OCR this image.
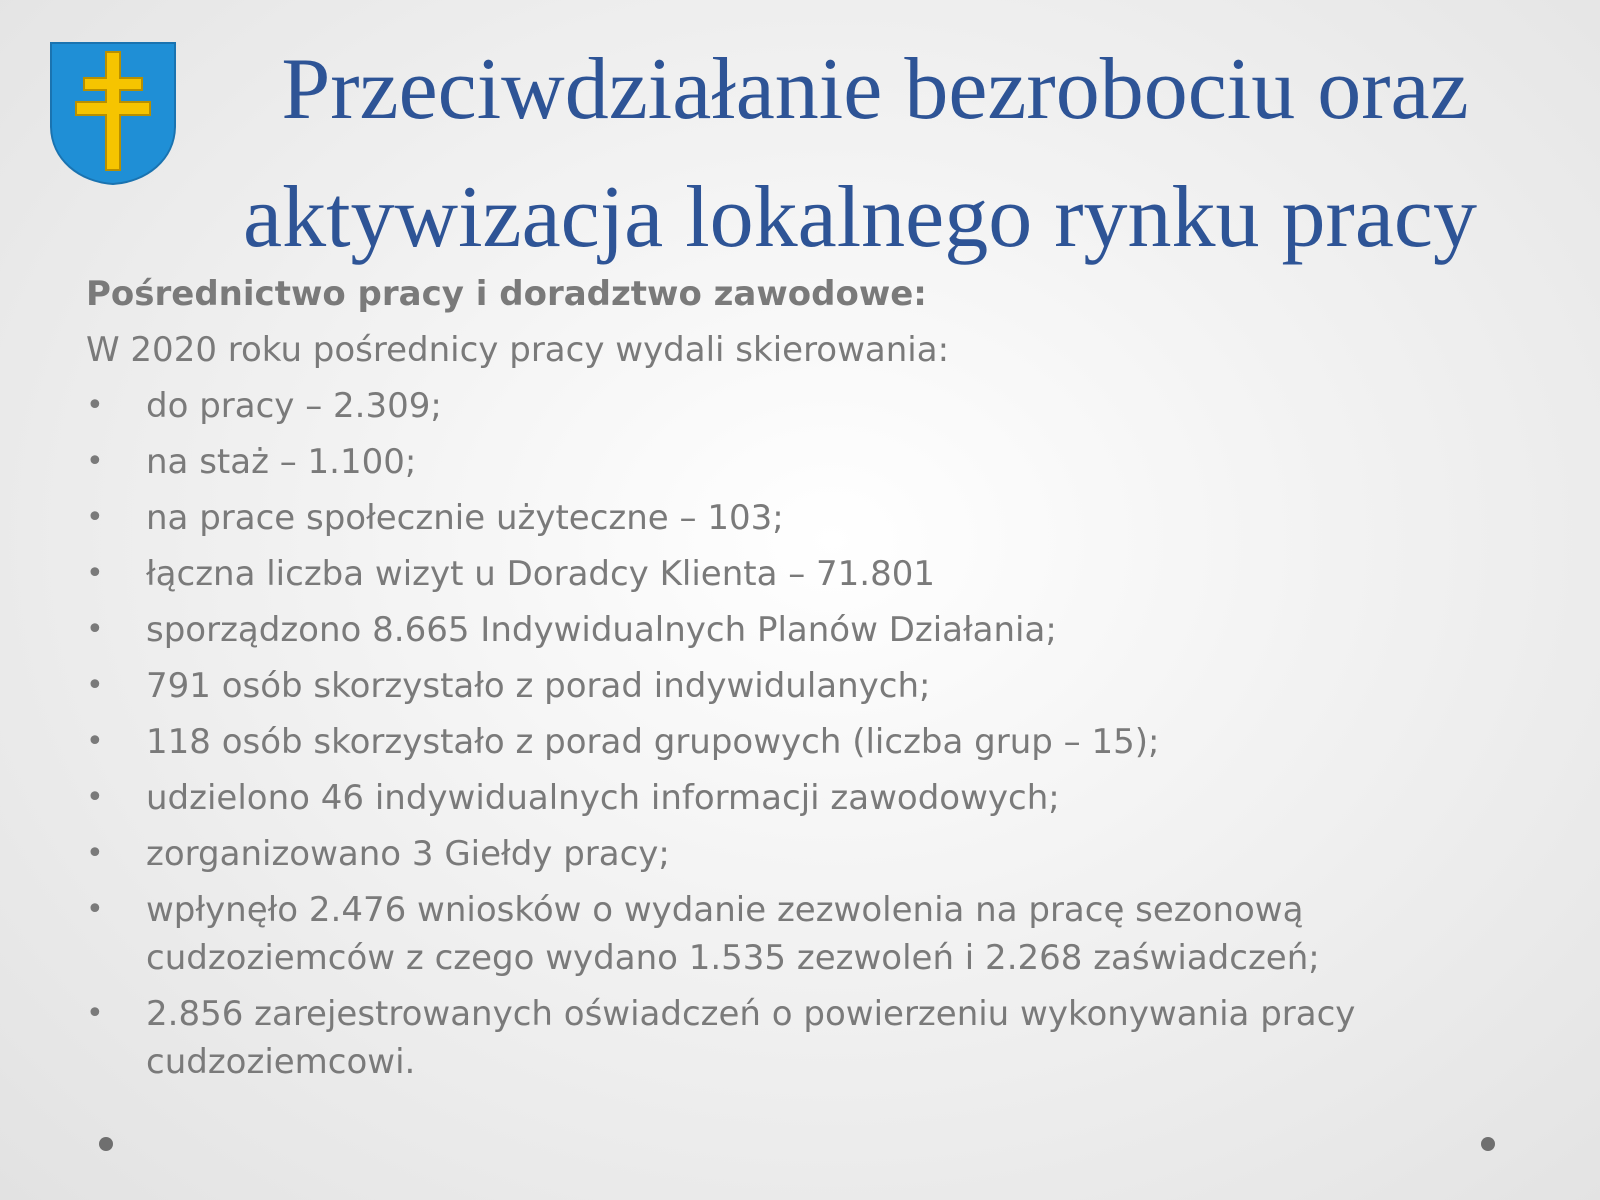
Przeciwdziałanie bezrobociu oraz
aktywizacja lokalnego rynku pracy

Pośrednictwo pracy i doradztwo zawodowe:

W 2020 roku pośrednicy pracy wydali skierowania:

• do pracy – 2.309;
• na staż – 1.100;
• na prace społecznie użyteczne – 103;
• łączna liczba wizyt u Doradcy Klienta – 71.801
• sporządzono 8.665 Indywidualnych Planów Działania;
• 791 osób skorzystało z porad indywidulanych;
• 118 osób skorzystało z porad grupowych (liczba grup – 15);
• udzielono 46 indywidualnych informacji zawodowych;
• zorganizowano 3 Giełdy pracy;
• wpłynęło 2.476 wniosków o wydanie zezwolenia na pracę sezonową cudzoziemców z czego wydano 1.535 zezwoleń i 2.268 zaświadczeń;
• 2.856 zarejestrowanych oświadczeń o powierzeniu wykonywania pracy cudzoziemcowi.
